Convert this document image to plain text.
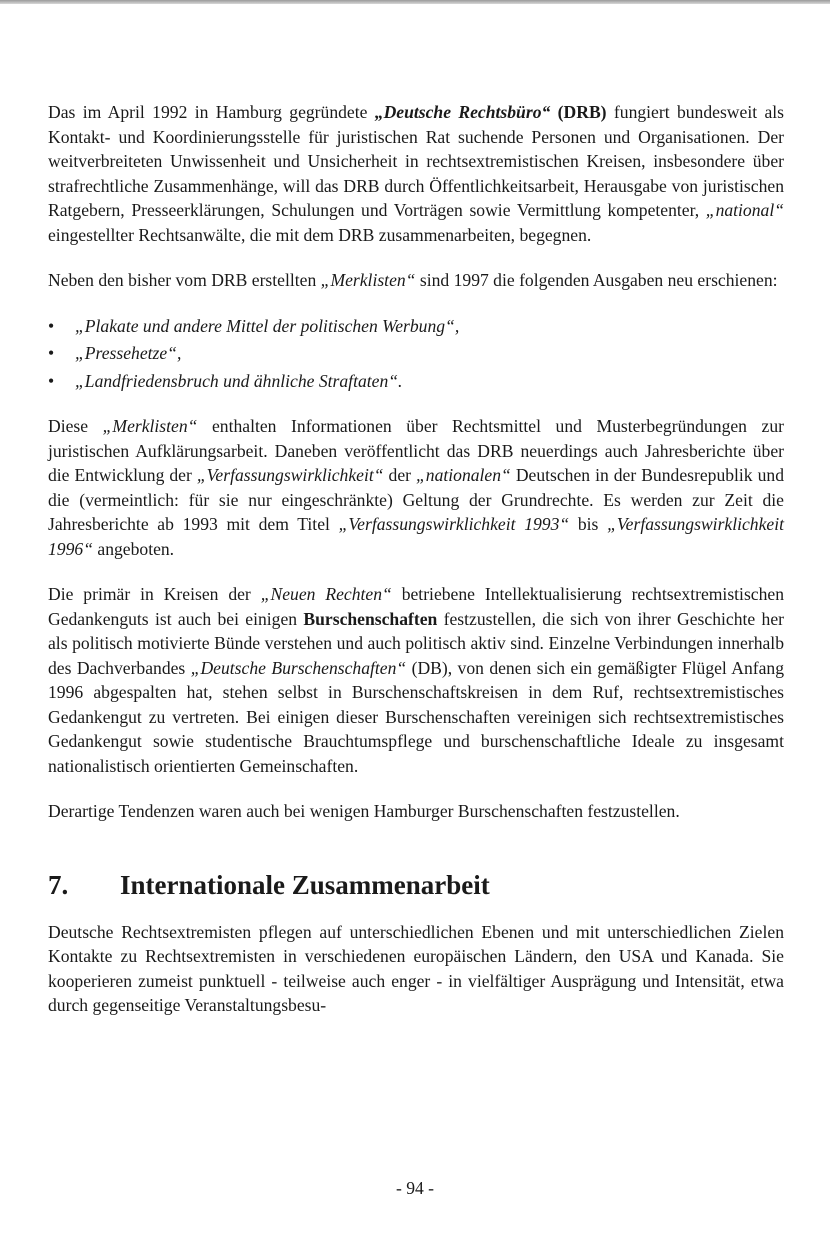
Das im April 1992 in Hamburg gegründete „Deutsche Rechtsbüro“ (DRB) fungiert bundesweit als Kontakt- und Koordinierungsstelle für juristischen Rat suchende Personen und Organisationen. Der weitverbreiteten Unwissenheit und Unsicherheit in rechtsextremistischen Kreisen, insbesondere über strafrechtliche Zusammenhänge, will das DRB durch Öffentlichkeitsarbeit, Herausgabe von juristischen Ratgebern, Presseerklärungen, Schulungen und Vorträgen sowie Vermittlung kompetenter, „national“ eingestellter Rechtsanwälte, die mit dem DRB zusammenarbeiten, begegnen.

Neben den bisher vom DRB erstellten „Merklisten“ sind 1997 die folgenden Ausgaben neu erschienen:

• „Plakate und andere Mittel der politischen Werbung“,
• „Pressehetze“,
• „Landfriedensbruch und ähnliche Straftaten“.

Diese „Merklisten“ enthalten Informationen über Rechtsmittel und Musterbegründungen zur juristischen Aufklärungsarbeit. Daneben veröffentlicht das DRB neuerdings auch Jahresberichte über die Entwicklung der „Verfassungswirklichkeit“ der „nationalen“ Deutschen in der Bundesrepublik und die (vermeintlich: für sie nur eingeschränkte) Geltung der Grundrechte. Es werden zur Zeit die Jahresberichte ab 1993 mit dem Titel „Verfassungswirklichkeit 1993“ bis „Verfassungswirklichkeit 1996“ angeboten.

Die primär in Kreisen der „Neuen Rechten“ betriebene Intellektualisierung rechtsextremistischen Gedankenguts ist auch bei einigen Burschenschaften festzustellen, die sich von ihrer Geschichte her als politisch motivierte Bünde verstehen und auch politisch aktiv sind. Einzelne Verbindungen innerhalb des Dachverbandes „Deutsche Burschenschaften“ (DB), von denen sich ein gemäßigter Flügel Anfang 1996 abgespalten hat, stehen selbst in Burschenschaftskreisen in dem Ruf, rechtsextremistisches Gedankengut zu vertreten. Bei einigen dieser Burschenschaften vereinigen sich rechtsextremistisches Gedankengut sowie studentische Brauchtumspflege und burschenschaftliche Ideale zu insgesamt nationalistisch orientierten Gemeinschaften.

Derartige Tendenzen waren auch bei wenigen Hamburger Burschenschaften festzustellen.

7.	Internationale Zusammenarbeit

Deutsche Rechtsextremisten pflegen auf unterschiedlichen Ebenen und mit unterschiedlichen Zielen Kontakte zu Rechtsextremisten in verschiedenen europäischen Ländern, den USA und Kanada. Sie kooperieren zumeist punktuell - teilweise auch enger - in vielfältiger Ausprägung und Intensität, etwa durch gegenseitige Veranstaltungsbesu-

- 94 -
